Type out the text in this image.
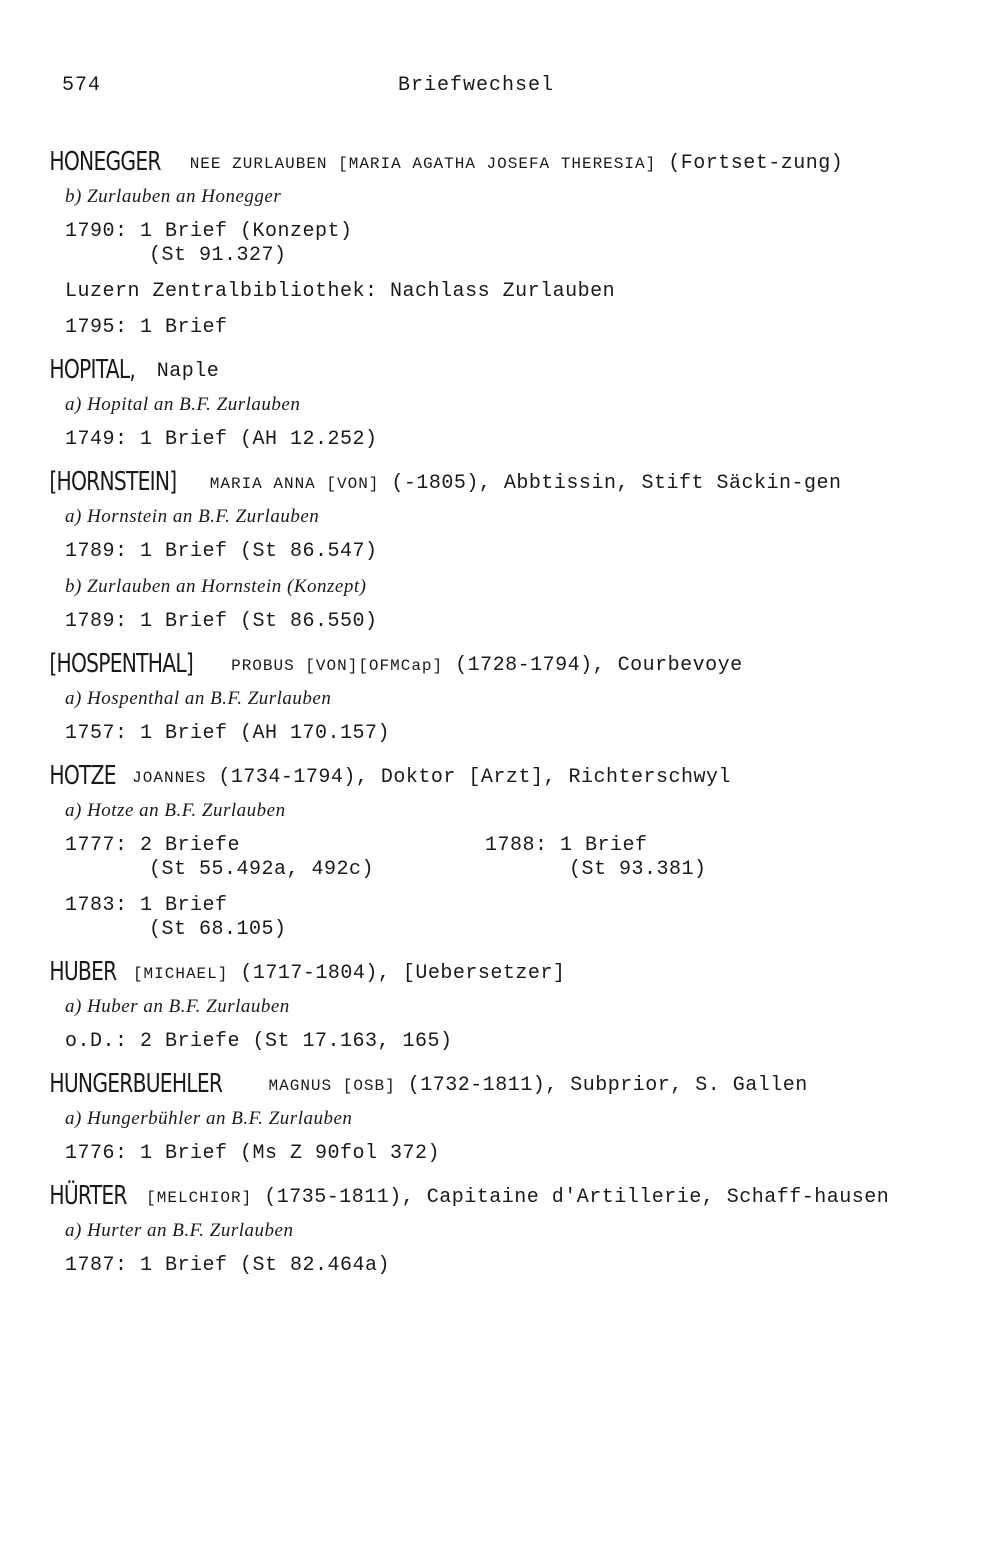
574	Briefwechsel
HONEGGER NEE ZURLAUBEN [MARIA AGATHA JOSEFA THERESIA] (Fortset-zung)
b) Zurlauben an Honegger
1790: 1 Brief (Konzept)
(St 91.327)
Luzern Zentralbibliothek: Nachlass Zurlauben
1795: 1 Brief
HOPITAL, Naple
a) Hopital an B.F. Zurlauben
1749: 1 Brief (AH 12.252)
[HORNSTEIN] MARIA ANNA [VON] (-1805), Abbtissin, Stift Säckin-gen
a) Hornstein an B.F. Zurlauben
1789: 1 Brief (St 86.547)
b) Zurlauben an Hornstein (Konzept)
1789: 1 Brief (St 86.550)
[HOSPENTHAL] PROBUS [VON][OFMCap] (1728-1794), Courbevoye
a) Hospenthal an B.F. Zurlauben
1757: 1 Brief (AH 170.157)
HOTZE JOANNES (1734-1794), Doktor [Arzt], Richterschwyl
a) Hotze an B.F. Zurlauben
1777: 2 Briefe
(St 55.492a, 492c)
1788: 1 Brief
(St 93.381)
1783: 1 Brief
(St 68.105)
HUBER [MICHAEL] (1717-1804), [Uebersetzer]
a) Huber an B.F. Zurlauben
o.D.: 2 Briefe (St 17.163, 165)
HUNGERBUEHLER	MAGNUS [OSB] (1732-1811), Subprior, S. Gallen
a) Hungerbühler an B.F. Zurlauben
1776: 1 Brief (Ms Z 90fol 372)
HÜRTER [MELCHIOR] (1735-1811), Capitaine d'Artillerie, Schaff-hausen
a) Hurter an B.F. Zurlauben
1787: 1 Brief (St 82.464a)
